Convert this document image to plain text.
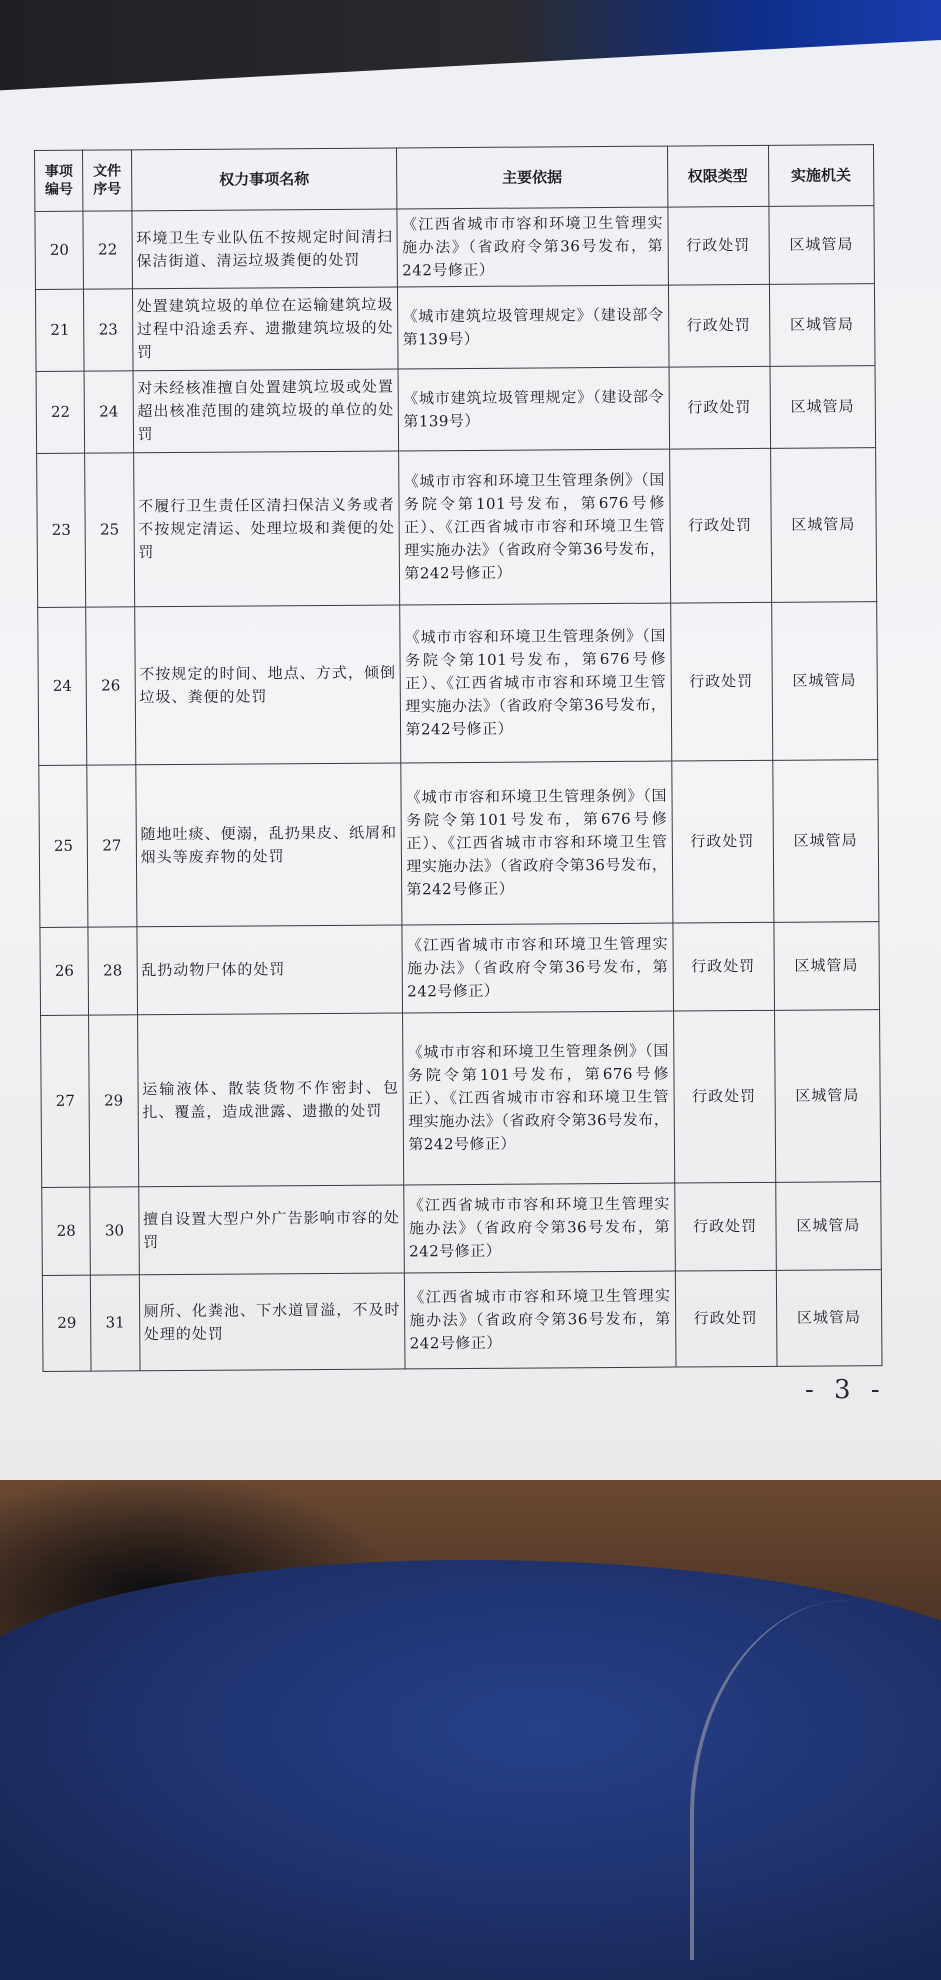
事项编号	文件序号	权力事项名称	主要依据	权限类型	实施机关
20	22	环境卫生专业队伍不按规定时间清扫保洁街道、清运垃圾粪便的处罚	《江西省城市市容和环境卫生管理实施办法》（省政府令第36号发布，第242号修正）	行政处罚	区城管局
21	23	处置建筑垃圾的单位在运输建筑垃圾过程中沿途丢弃、遗撒建筑垃圾的处罚	《城市建筑垃圾管理规定》（建设部令第139号）	行政处罚	区城管局
22	24	对未经核准擅自处置建筑垃圾或处置超出核准范围的建筑垃圾的单位的处罚	《城市建筑垃圾管理规定》（建设部令第139号）	行政处罚	区城管局
23	25	不履行卫生责任区清扫保洁义务或者不按规定清运、处理垃圾和粪便的处罚	《城市市容和环境卫生管理条例》（国务院令第101号发布，第676号修正）、《江西省城市市容和环境卫生管理实施办法》（省政府令第36号发布，第242号修正）	行政处罚	区城管局
24	26	不按规定的时间、地点、方式，倾倒垃圾、粪便的处罚	《城市市容和环境卫生管理条例》（国务院令第101号发布，第676号修正）、《江西省城市市容和环境卫生管理实施办法》（省政府令第36号发布，第242号修正）	行政处罚	区城管局
25	27	随地吐痰、便溺，乱扔果皮、纸屑和烟头等废弃物的处罚	《城市市容和环境卫生管理条例》（国务院令第101号发布，第676号修正）、《江西省城市市容和环境卫生管理实施办法》（省政府令第36号发布，第242号修正）	行政处罚	区城管局
26	28	乱扔动物尸体的处罚	《江西省城市市容和环境卫生管理实施办法》（省政府令第36号发布，第242号修正）	行政处罚	区城管局
27	29	运输液体、散装货物不作密封、包扎、覆盖，造成泄露、遗撒的处罚	《城市市容和环境卫生管理条例》（国务院令第101号发布，第676号修正）、《江西省城市市容和环境卫生管理实施办法》（省政府令第36号发布，第242号修正）	行政处罚	区城管局
28	30	擅自设置大型户外广告影响市容的处罚	《江西省城市市容和环境卫生管理实施办法》（省政府令第36号发布，第242号修正）	行政处罚	区城管局
29	31	厕所、化粪池、下水道冒溢，不及时处理的处罚	《江西省城市市容和环境卫生管理实施办法》（省政府令第36号发布，第242号修正）	行政处罚	区城管局
- 3 -
